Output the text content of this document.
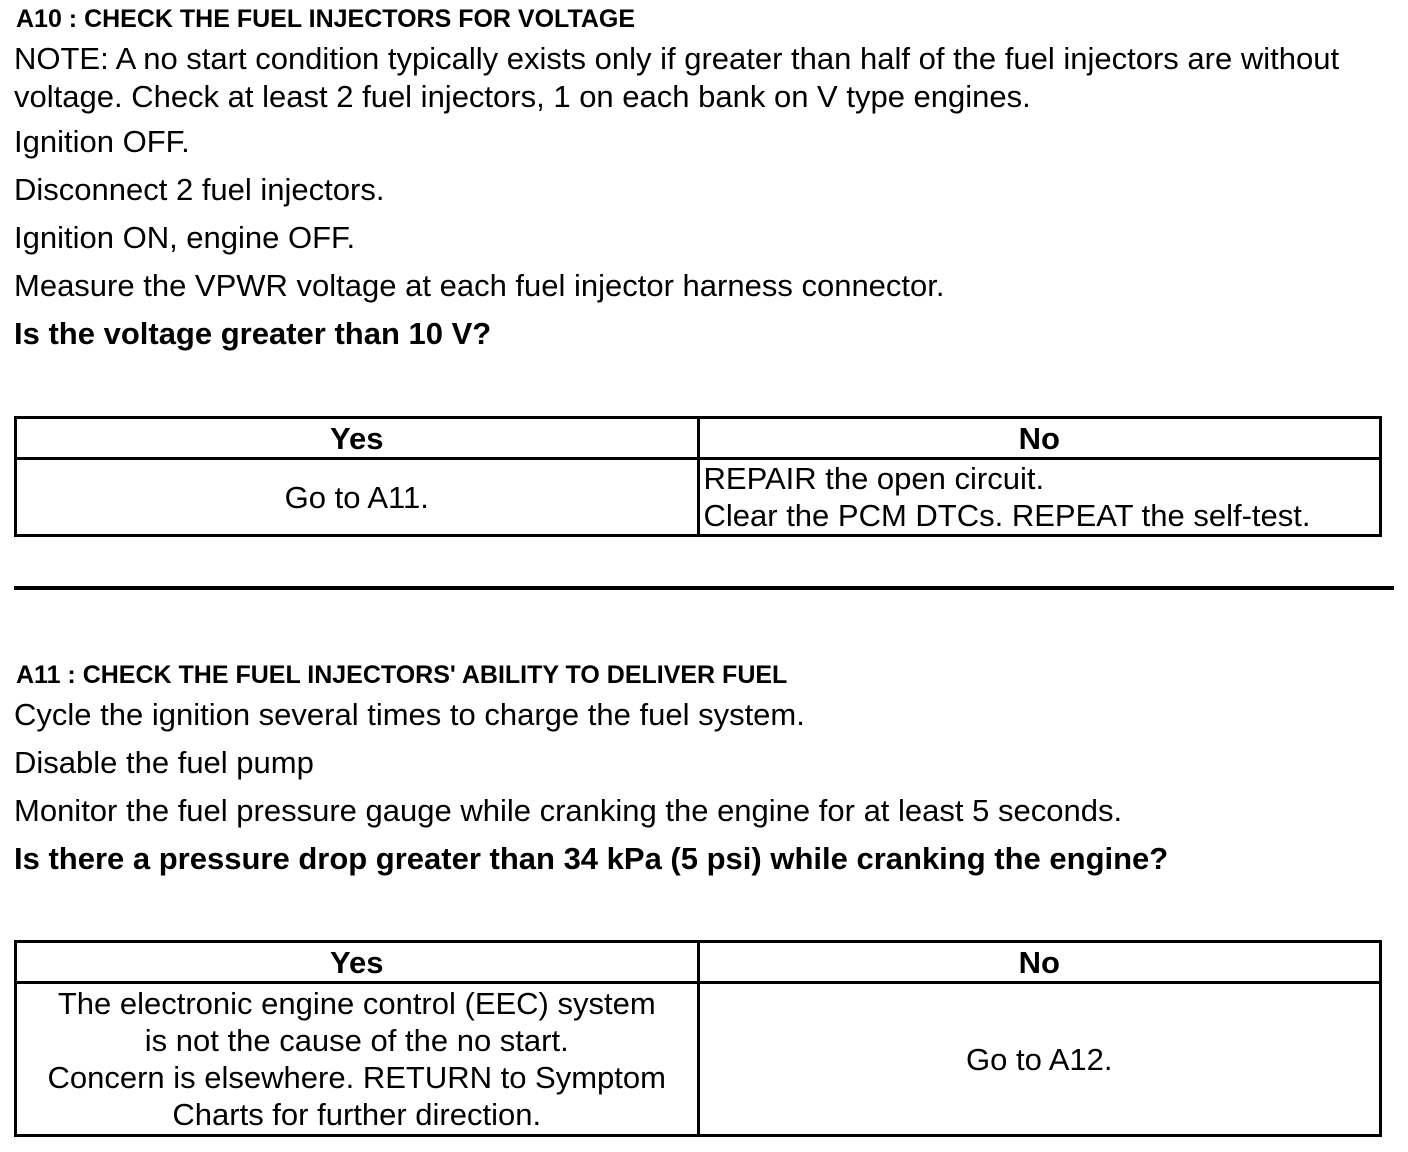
A10 : CHECK THE FUEL INJECTORS FOR VOLTAGE
NOTE: A no start condition typically exists only if greater than half of the fuel injectors are without voltage. Check at least 2 fuel injectors, 1 on each bank on V type engines.
Ignition OFF.
Disconnect 2 fuel injectors.
Ignition ON, engine OFF.
Measure the VPWR voltage at each fuel injector harness connector.
Is the voltage greater than 10 V?
Yes	No
Go to A11.	REPAIR the open circuit.
Clear the PCM DTCs. REPEAT the self-test.
A11 : CHECK THE FUEL INJECTORS' ABILITY TO DELIVER FUEL
Cycle the ignition several times to charge the fuel system.
Disable the fuel pump
Monitor the fuel pressure gauge while cranking the engine for at least 5 seconds.
Is there a pressure drop greater than 34 kPa (5 psi) while cranking the engine?
Yes	No

The electronic engine control (EEC) system
is not the cause of the no start.
Concern is elsewhere. RETURN to Symptom
Charts for further direction.	Go to A12.
